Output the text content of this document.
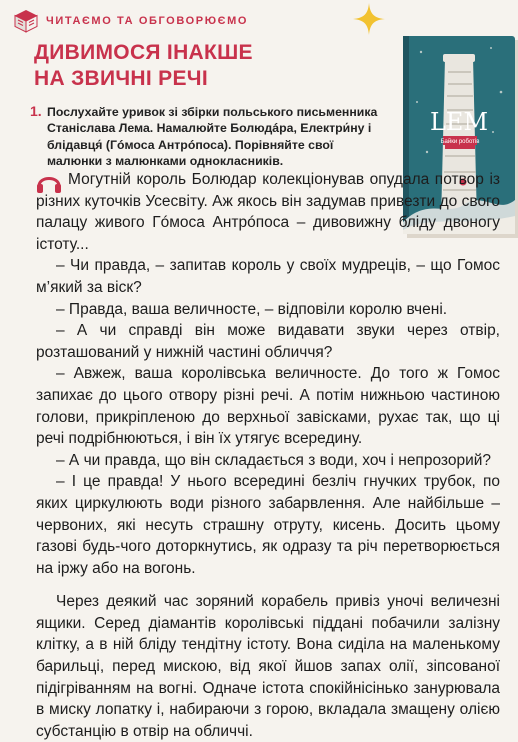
ЧИТАЄМО ТА ОБГОВОРЮЄМО
LEM
Байки роботів
ДИВИМОСЯ ІНАКШЕ
НА ЗВИЧНІ РЕЧІ
1. Послухайте уривок зі збірки польського письменника Станіслава Лема. Намалюйте Болюдáра, Електри́ну і блідавця́ (Гóмоса Антрóпоса). Порівняйте свої малюнки з малюнками однокласників.

Могутній король Болюдар колекціонував опудала потвор із різних куточків Усесвіту. Аж якось він задумав привезти до свого палацу живого Гóмоса Антрóпоса – дивовижну бліду двоногу істоту...

– Чи правда, – запитав король у своїх мудреців, – що Гомос м’який за віск?

– Правда, ваша величносте, – відповіли королю вчені.

– А чи справді він може видавати звуки через отвір, розташований у нижній частині обличчя?

– Авжеж, ваша королівська величносте. До того ж Гомос запихає до цього отвору різні речі. А потім нижньою частиною голови, прикріпленою до верхньої завісками, рухає так, що ці речі подрібнюються, і він їх утягує всередину.

– А чи правда, що він складається з води, хоч і непрозорий?

– І це правда! У нього всередині безліч гнучких трубок, по яких циркулюють води різного забарвлення. Але найбільше – червоних, які несуть страшну отруту, кисень. Досить цьому газові будь-чого доторкнутись, як одразу та річ перетворюється на іржу або на вогонь.

Через деякий час зоряний корабель привіз уночі величезні ящики. Серед діамантів королівські піддані побачили залізну клітку, а в ній бліду тендітну істоту. Вона сиділа на маленькому барильці, перед мискою, від якої йшов запах олії, зіпсованої підігріванням на вогні. Одначе істота спокійнісінько занурювала в миску лопатку і, набираючи з горою, вкладала змащену олією субстанцію в отвір на обличчі.
